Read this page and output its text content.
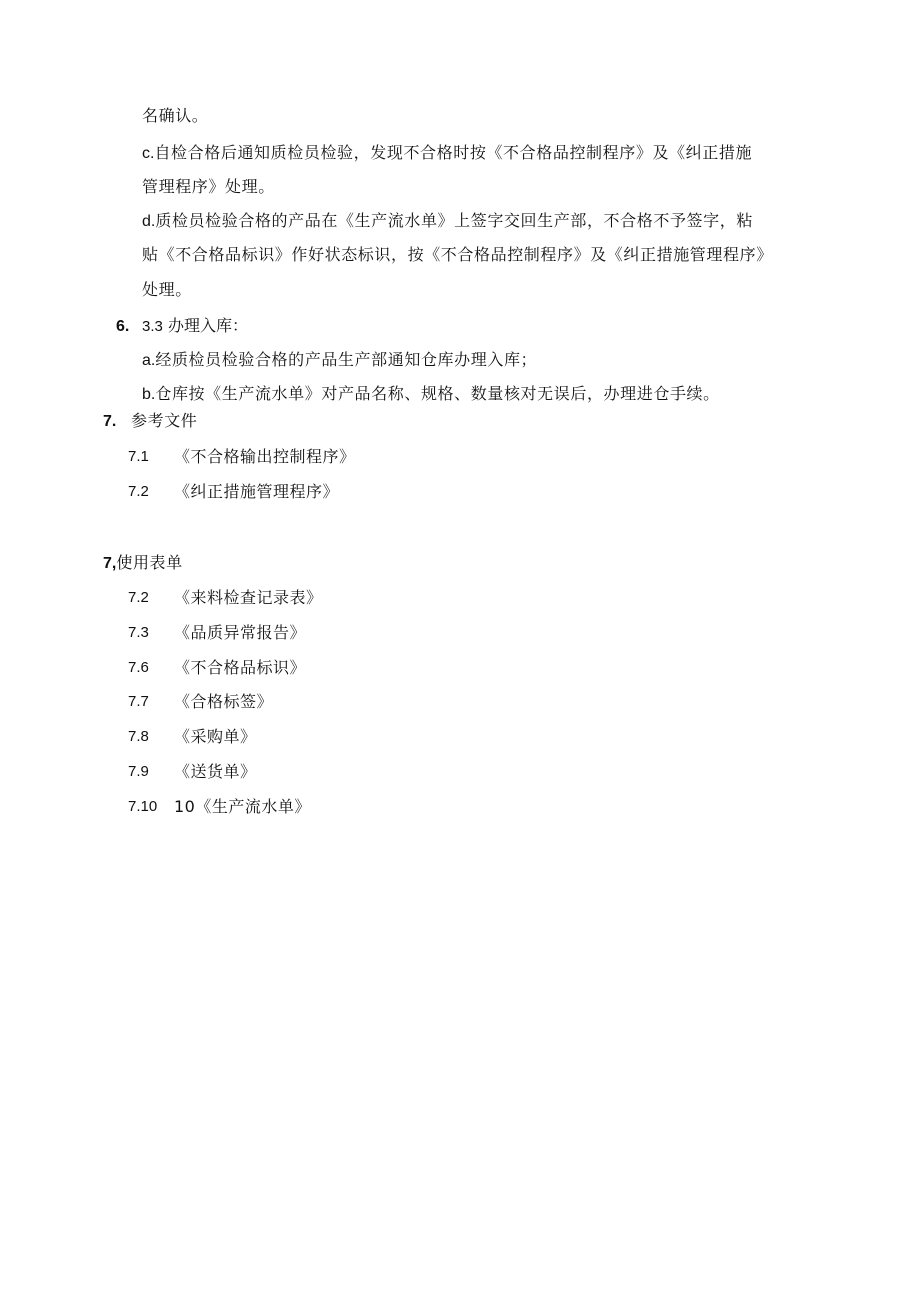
名确认。
c.自检合格后通知质检员检验，发现不合格时按《不合格品控制程序》及《纠正措施
管理程序》处理。
d.质检员检验合格的产品在《生产流水单》上签字交回生产部，不合格不予签字，粘
贴《不合格品标识》作好状态标识，按《不合格品控制程序》及《纠正措施管理程序》
处理。
6. 3.3 办理入库：
a.经质检员检验合格的产品生产部通知仓库办理入库；
b.仓库按《生产流水单》对产品名称、规格、数量核对无误后，办理进仓手续。
7. 参考文件
7.1 《不合格输出控制程序》
7.2 《纠正措施管理程序》
7,使用表单
7.2 《来料检查记录表》
7.3 《品质异常报告》
7.6 《不合格品标识》
7.7 《合格标签》
7.8 《采购单》
7.9 《送货单》
7.10 10《生产流水单》
